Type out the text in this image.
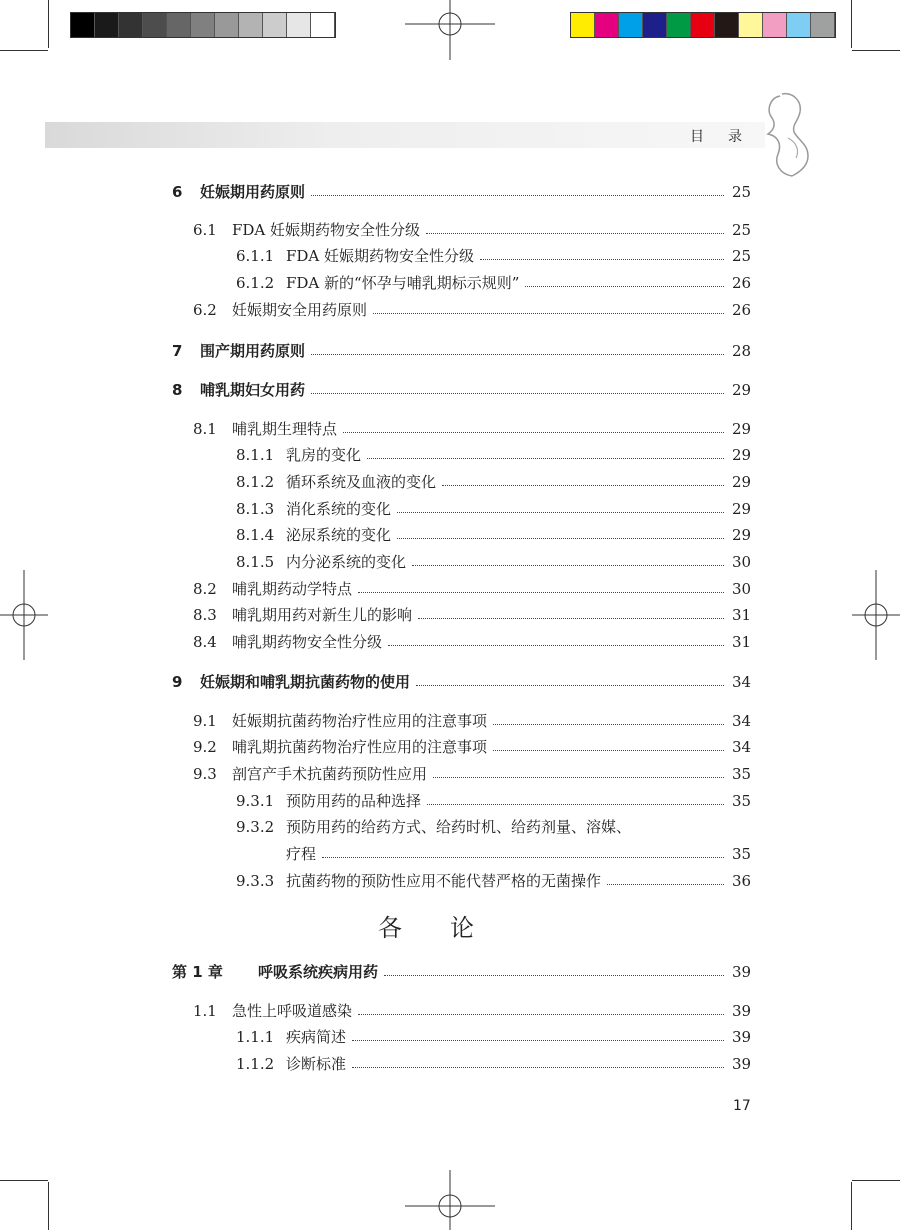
目录
6 妊娠期用药原则	25
6.1 FDA 妊娠期药物安全性分级	25
6.1.1 FDA 妊娠期药物安全性分级	25
6.1.2 FDA 新的“怀孕与哺乳期标示规则”	26
6.2 妊娠期安全用药原则	26
7 围产期用药原则	28
8 哺乳期妇女用药	29
8.1 哺乳期生理特点	29
8.1.1 乳房的变化	29
8.1.2 循环系统及血液的变化	29
8.1.3 消化系统的变化	29
8.1.4 泌尿系统的变化	29
8.1.5 内分泌系统的变化	30
8.2 哺乳期药动学特点	30
8.3 哺乳期用药对新生儿的影响	31
8.4 哺乳期药物安全性分级	31
9 妊娠期和哺乳期抗菌药物的使用	34
9.1 妊娠期抗菌药物治疗性应用的注意事项	34
9.2 哺乳期抗菌药物治疗性应用的注意事项	34
9.3 剖宫产手术抗菌药预防性应用	35
9.3.1 预防用药的品种选择	35
9.3.2 预防用药的给药方式、给药时机、给药剂量、溶媒、
疗程	35
9.3.3 抗菌药物的预防性应用不能代替严格的无菌操作	36
各论
第 1 章 呼吸系统疾病用药	39
1.1 急性上呼吸道感染	39
1.1.1 疾病简述	39
1.1.2 诊断标准	39
17
